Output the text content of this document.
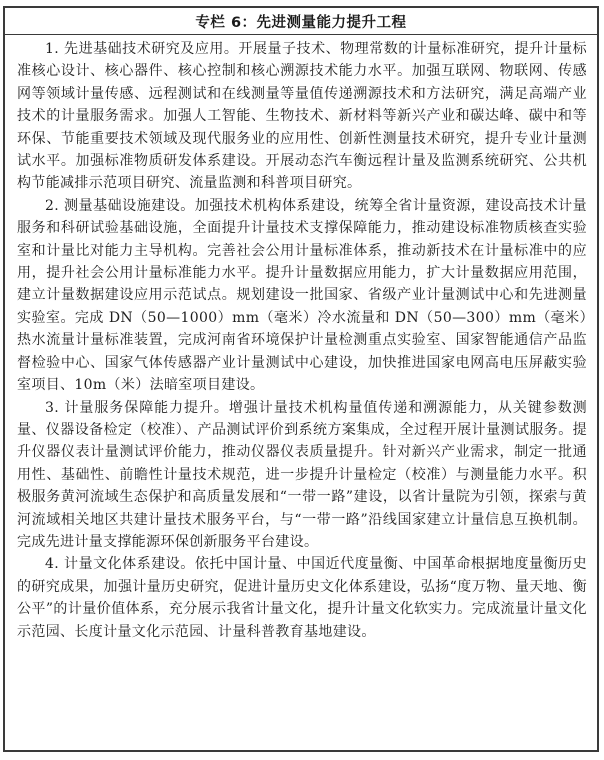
专栏 6：先进测量能力提升工程

1. 先进基础技术研究及应用。开展量子技术、物理常数的计量标准研究，提升计量标准核心设计、核心器件、核心控制和核心溯源技术能力水平。加强互联网、物联网、传感网等领域计量传感、远程测试和在线测量等量值传递溯源技术和方法研究，满足高端产业技术的计量服务需求。加强人工智能、生物技术、新材料等新兴产业和碳达峰、碳中和等环保、节能重要技术领域及现代服务业的应用性、创新性测量技术研究，提升专业计量测试水平。加强标准物质研发体系建设。开展动态汽车衡远程计量及监测系统研究、公共机构节能减排示范项目研究、流量监测和科普项目研究。

2. 测量基础设施建设。加强技术机构体系建设，统筹全省计量资源，建设高技术计量服务和科研试验基础设施，全面提升计量技术支撑保障能力，推动建设标准物质核查实验室和计量比对能力主导机构。完善社会公用计量标准体系，推动新技术在计量标准中的应用，提升社会公用计量标准能力水平。提升计量数据应用能力，扩大计量数据应用范围，建立计量数据建设应用示范试点。规划建设一批国家、省级产业计量测试中心和先进测量实验室。完成 DN（50—1000）mm（毫米）冷水流量和 DN（50—300）mm（毫米）热水流量计量标准装置，完成河南省环境保护计量检测重点实验室、国家智能通信产品监督检验中心、国家气体传感器产业计量测试中心建设，加快推进国家电网高电压屏蔽实验室项目、10m（米）法暗室项目建设。

3. 计量服务保障能力提升。增强计量技术机构量值传递和溯源能力，从关键参数测量、仪器设备检定（校准）、产品测试评价到系统方案集成，全过程开展计量测试服务。提升仪器仪表计量测试评价能力，推动仪器仪表质量提升。针对新兴产业需求，制定一批通用性、基础性、前瞻性计量技术规范，进一步提升计量检定（校准）与测量能力水平。积极服务黄河流域生态保护和高质量发展和“一带一路”建设，以省计量院为引领，探索与黄河流域相关地区共建计量技术服务平台，与“一带一路”沿线国家建立计量信息互换机制。完成先进计量支撑能源环保创新服务平台建设。

4. 计量文化体系建设。依托中国计量、中国近代度量衡、中国革命根据地度量衡历史的研究成果，加强计量历史研究，促进计量历史文化体系建设，弘扬“度万物、量天地、衡公平”的计量价值体系，充分展示我省计量文化，提升计量文化软实力。完成流量计量文化示范园、长度计量文化示范园、计量科普教育基地建设。
